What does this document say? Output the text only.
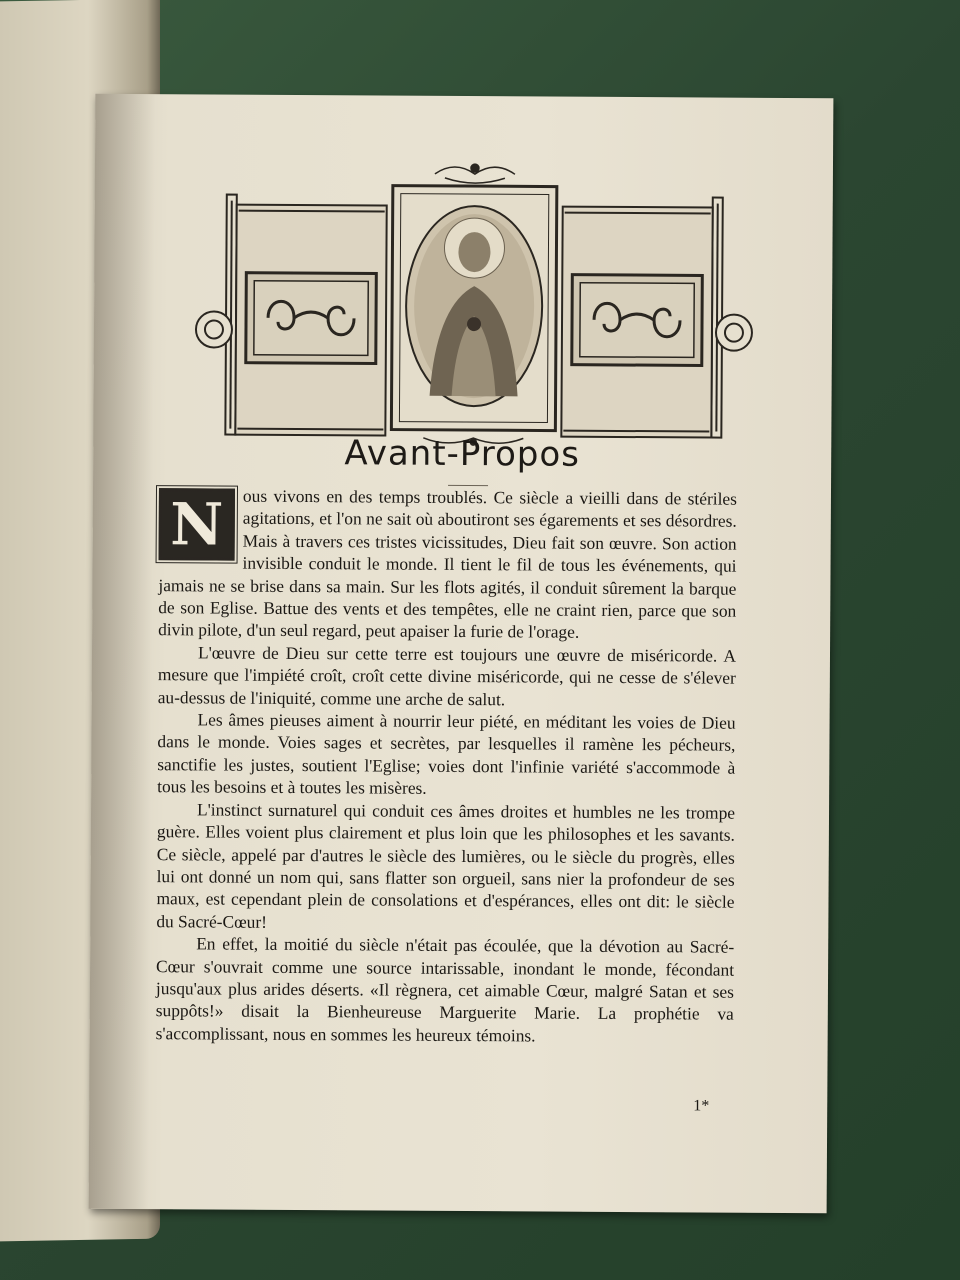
Avant-Propos

N	ous vivons en des temps troublés. Ce siècle a vieilli dans de stériles agitations, et l'on ne sait où aboutiront ses égarements et ses désordres. Mais à travers ces tristes vicissitudes, Dieu fait son œuvre. Son action invisible conduit le monde. Il tient le fil de tous les événements, qui jamais ne se brise dans sa main. Sur les flots agités, il conduit sûrement la barque de son Eglise. Battue des vents et des tempêtes, elle ne craint rien, parce que son divin pilote, d'un seul regard, peut apaiser la furie de l'orage.

L'œuvre de Dieu sur cette terre est toujours une œuvre de miséricorde. A mesure que l'impiété croît, croît cette divine miséricorde, qui ne cesse de s'élever au-dessus de l'iniquité, comme une arche de salut.

Les âmes pieuses aiment à nourrir leur piété, en méditant les voies de Dieu dans le monde. Voies sages et secrètes, par lesquelles il ramène les pécheurs, sanctifie les justes, soutient l'Eglise; voies dont l'infinie variété s'accommode à tous les besoins et à toutes les misères.

L'instinct surnaturel qui conduit ces âmes droites et humbles ne les trompe guère. Elles voient plus clairement et plus loin que les philosophes et les savants. Ce siècle, appelé par d'autres le siècle des lumières, ou le siècle du progrès, elles lui ont donné un nom qui, sans flatter son orgueil, sans nier la profondeur de ses maux, est cependant plein de consolations et d'espérances, elles ont dit: le siècle du Sacré-Cœur!

En effet, la moitié du siècle n'était pas écoulée, que la dévotion au Sacré-Cœur s'ouvrait comme une source intarissable, inondant le monde, fécondant jusqu'aux plus arides déserts. «Il règnera, cet aimable Cœur, malgré Satan et ses suppôts!» disait la Bienheureuse Marguerite Marie. La prophétie va s'accomplissant, nous en sommes les heureux témoins.

1*
